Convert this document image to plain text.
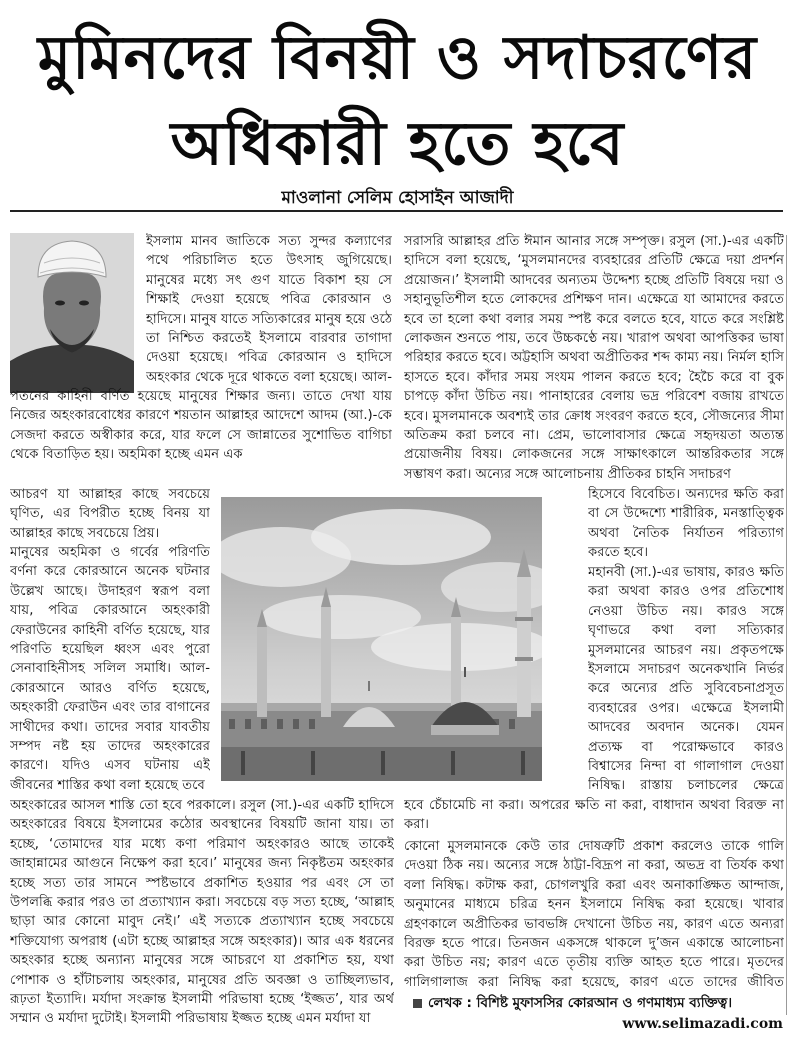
মুমিনদের বিনয়ী ও সদাচরণের
অধিকারী হতে হবে
মাওলানা সেলিম হোসাইন আজাদী

ইসলাম মানব জাতিকে সত্য সুন্দর কল্যাণের পথে পরিচালিত হতে উৎসাহ জুগিয়েছে। মানুষের মধ্যে সৎ গুণ যাতে বিকাশ হয় সে শিক্ষাই দেওয়া হয়েছে পবিত্র কোরআন ও হাদিসে। মানুষ যাতে সত্যিকারের মানুষ হয়ে ওঠে তা নিশ্চিত করতেই ইসলামে বারবার তাগাদা দেওয়া হয়েছে। পবিত্র কোরআন ও হাদিসে অহংকার থেকে দূরে থাকতে বলা হয়েছে। আল-

পতনের কাহিনী বর্ণিত হয়েছে মানুষের শিক্ষার জন্য। তাতে দেখা যায় নিজের অহংকারবোধের কারণে শয়তান আল্লাহর আদেশে আদম (আ.)-কে সেজদা করতে অস্বীকার করে, যার ফলে সে জান্নাতের সুশোভিত বাগিচা থেকে বিতাড়িত হয়। অহমিকা হচ্ছে এমন এক

আচরণ যা আল্লাহর কাছে সবচেয়ে ঘৃণিত, এর বিপরীত হচ্ছে বিনয় যা আল্লাহর কাছে সবচেয়ে প্রিয়।

মানুষের অহমিকা ও গর্বের পরিণতি বর্ণনা করে কোরআনে অনেক ঘটনার উল্লেখ আছে। উদাহরণ স্বরূপ বলা যায়, পবিত্র কোরআনে অহংকারী ফেরাউনের কাহিনী বর্ণিত হয়েছে, যার পরিণতি হয়েছিল ধ্বংস এবং পুরো সেনাবাহিনীসহ সলিল সমাধি। আল-কোরআনে আরও বর্ণিত হয়েছে, অহংকারী ফেরাউন এবং তার বাগানের সাথীদের কথা। তাদের সবার যাবতীয় সম্পদ নষ্ট হয় তাদের অহংকারের কারণে। যদিও এসব ঘটনায় এই জীবনের শাস্তির কথা বলা হয়েছে তবে

অহংকারের আসল শাস্তি তো হবে পরকালে। রসুল (সা.)-এর একটি হাদিসে অহংকারের বিষয়ে ইসলামের কঠোর অবস্থানের বিষয়টি জানা যায়। তা হচ্ছে, ‘তোমাদের যার মধ্যে কণা পরিমাণ অহংকারও আছে তাকেই জাহান্নামের আগুনে নিক্ষেপ করা হবে।’ মানুষের জন্য নিকৃষ্টতম অহংকার হচ্ছে সত্য তার সামনে স্পষ্টভাবে প্রকাশিত হওয়ার পর এবং সে তা উপলব্ধি করার পরও তা প্রত্যাখ্যান করা। সবচেয়ে বড় সত্য হচ্ছে, ‘আল্লাহ ছাড়া আর কোনো মাবুদ নেই।’ এই সত্যকে প্রত্যাখ্যান হচ্ছে সবচেয়ে শক্তিযোগ্য অপরাধ (এটা হচ্ছে আল্লাহর সঙ্গে অহংকার)। আর এক ধরনের অহংকার হচ্ছে অন্যান্য মানুষের সঙ্গে আচরণে যা প্রকাশিত হয়, যথা পোশাক ও হাঁটাচলায় অহংকার, মানুষের প্রতি অবজ্ঞা ও তাচ্ছিল্যভাব, রূঢ়তা ইত্যাদি। মর্যাদা সংক্রান্ত ইসলামী পরিভাষা হচ্ছে ‘ইজ্জত’, যার অর্থ সম্মান ও মর্যাদা দুটোই। ইসলামী পরিভাষায় ইজ্জত হচ্ছে এমন মর্যাদা যা

সরাসরি আল্লাহর প্রতি ঈমান আনার সঙ্গে সম্পৃক্ত। রসুল (সা.)-এর একটি হাদিসে বলা হয়েছে, ‘মুসলমানদের ব্যবহারের প্রতিটি ক্ষেত্রে দয়া প্রদর্শন প্রয়োজন।’ ইসলামী আদবের অন্যতম উদ্দেশ্য হচ্ছে প্রতিটি বিষয়ে দয়া ও সহানুভূতিশীল হতে লোকদের প্রশিক্ষণ দান। এক্ষেত্রে যা আমাদের করতে হবে তা হলো কথা বলার সময় স্পষ্ট করে বলতে হবে, যাতে করে সংশ্লিষ্ট লোকজন শুনতে পায়, তবে উচ্চকণ্ঠে নয়। খারাপ অথবা আপত্তিকর ভাষা পরিহার করতে হবে। অট্টহাসি অথবা অপ্রীতিকর শব্দ কাম্য নয়। নির্মল হাসি হাসতে হবে। কাঁদার সময় সংযম পালন করতে হবে; হৈচৈ করে বা বুক চাপড়ে কাঁদা উচিত নয়। পানাহারের বেলায় ভদ্র পরিবেশ বজায় রাখতে হবে। মুসলমানকে অবশ্যই তার ক্রোধ সংবরণ করতে হবে, সৌজন্যের সীমা অতিক্রম করা চলবে না। প্রেম, ভালোবাসার ক্ষেত্রে সহৃদয়তা অত্যন্ত প্রয়োজনীয় বিষয়। লোকজনের সঙ্গে সাক্ষাৎকালে আন্তরিকতার সঙ্গে সম্ভাষণ করা। অন্যের সঙ্গে আলোচনায় প্রীতিকর চাহনি সদাচরণ

হিসেবে বিবেচিত। অন্যদের ক্ষতি করা বা সে উদ্দেশ্যে শারীরিক, মনস্তাত্ত্বিক অথবা নৈতিক নির্যাতন পরিত্যাগ করতে হবে।

মহানবী (সা.)-এর ভাষায়, কারও ক্ষতি করা অথবা কারও ওপর প্রতিশোধ নেওয়া উচিত নয়। কারও সঙ্গে ঘৃণাভরে কথা বলা সত্যিকার মুসলমানের আচরণ নয়। প্রকৃতপক্ষে ইসলামে সদাচরণ অনেকখানি নির্ভর করে অন্যের প্রতি সুবিবেচনাপ্রসূত ব্যবহারের ওপর। এক্ষেত্রে ইসলামী আদবের অবদান অনেক। যেমন প্রত্যক্ষ বা পরোক্ষভাবে কারও বিশ্বাসের নিন্দা বা গালাগাল দেওয়া নিষিদ্ধ। রাস্তায় চলাচলের ক্ষেত্রে

হবে চেঁচামেচি না করা। অপরের ক্ষতি না করা, বাধাদান অথবা বিরক্ত না করা।

কোনো মুসলমানকে কেউ তার দোষত্রুটি প্রকাশ করলেও তাকে গালি দেওয়া ঠিক নয়। অন্যের সঙ্গে ঠাট্টা-বিদ্রূপ না করা, অভদ্র বা তির্যক কথা বলা নিষিদ্ধ। কটাক্ষ করা, চোগলখুরি করা এবং অনাকাঙ্ক্ষিত আন্দাজ, অনুমানের মাধ্যমে চরিত্র হনন ইসলামে নিষিদ্ধ করা হয়েছে। খাবার গ্রহণকালে অপ্রীতিকর ভাবভঙ্গি দেখানো উচিত নয়, কারণ এতে অন্যরা বিরক্ত হতে পারে। তিনজন একসঙ্গে থাকলে দু’জন একান্তে আলোচনা করা উচিত নয়; কারণ এতে তৃতীয় ব্যক্তি আহত হতে পারে। মৃতদের গালিগালাজ করা নিষিদ্ধ করা হয়েছে, কারণ এতে তাদের জীবিত

লেখক : বিশিষ্ট মুফাসসির কোরআন ও গণমাধ্যম ব্যক্তিত্ব।
www.selimazadi.com
